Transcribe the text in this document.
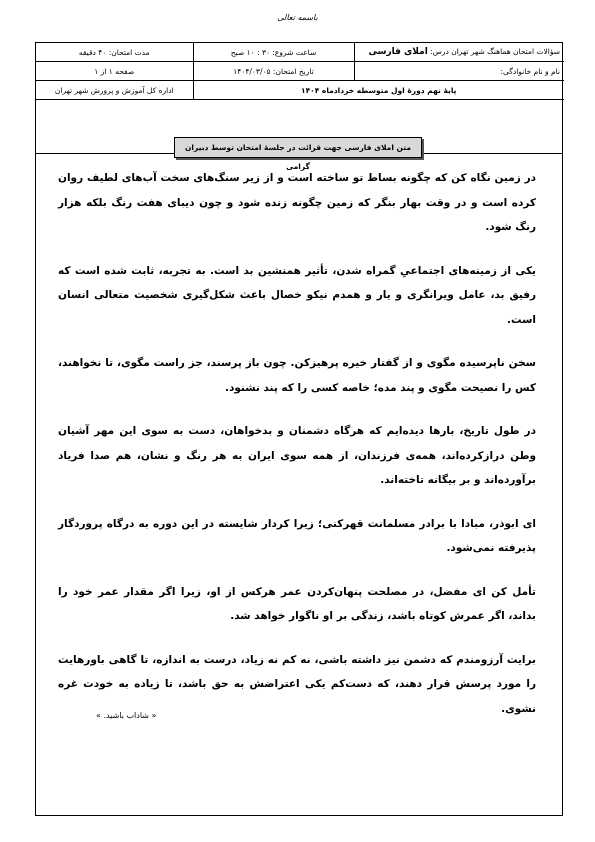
باسمه تعالی
سؤالات امتحان هماهنگ شهر تهران درس: املای فارسی	ساعت شروع: ۳۰ : ۱۰ صبح	مدت امتحان: ۴۰ دقیقه
نام و نام خانوادگی:	تاریخ امتحان: ۱۴۰۴/۰۳/۰۵	صفحه ۱ از ۱
پایهٔ نهم دورهٔ اول متوسطه خردادماه ۱۴۰۴		اداره کل آموزش و پرورش شهر تهران
متن املای فارسی جهت قرائت در جلسهٔ امتحان توسط دبیران گرامی

در زمین نگاه کن که چگونه بساط تو ساخته است و از زیر سنگ‌های سخت آب‌های لطیف روان کرده است و در وقت بهار بنگر که زمین چگونه زنده شود و چون دیبای هفت رنگ بلکه هزار رنگ شود.

یکی از زمینه‌های اجتماعیِ گمراه شدن، تأثیر همنشین بد است. به تجربه، ثابت شده است که رفیق بد، عامل ویرانگری و یار و همدم نیکو خصال باعث شکل‌گیری شخصیت متعالی انسان است.

سخن ناپرسیده مگوی و از گفتار خیره پرهیزکن. چون باز پرسند، جز راست مگوی، تا نخواهند، کس را نصیحت مگوی و پند مده؛ خاصه کسی را که پند نشنود.

در طول تاریخ، بارها دیده‌ایم که هرگاه دشمنان و بدخواهان، دست به سوی این مهر آشیان وطن درازکرده‌اند، همه‌ی فرزندان، از همه سوی ایران به هر رنگ و نشان، هم صدا فریاد برآورده‌اند و بر بیگانه تاخته‌اند.

ای ابوذر، مبادا با برادر مسلمانت قهرکنی؛ زیرا کردار شایسته در این دوره به درگاه پروردگار پذیرفته نمی‌شود.

تأمل کن ای مفضل، در مصلحت پنهان‌کردن عمر هرکس از او، زیرا اگر مقدار عمر خود را بداند، اگر عمرش کوتاه باشد، زندگی بر او ناگوار خواهد شد.

برایت آرزومندم که دشمن نیز داشته باشی، نه کم نه زیاد، درست به اندازه، تا گاهی باورهایت را مورد پرسش قرار دهند، که دست‌کم یکی اعتراضش به حق باشد، تا زیاده به خودت غره نشوی.

« شاداب باشید. »
